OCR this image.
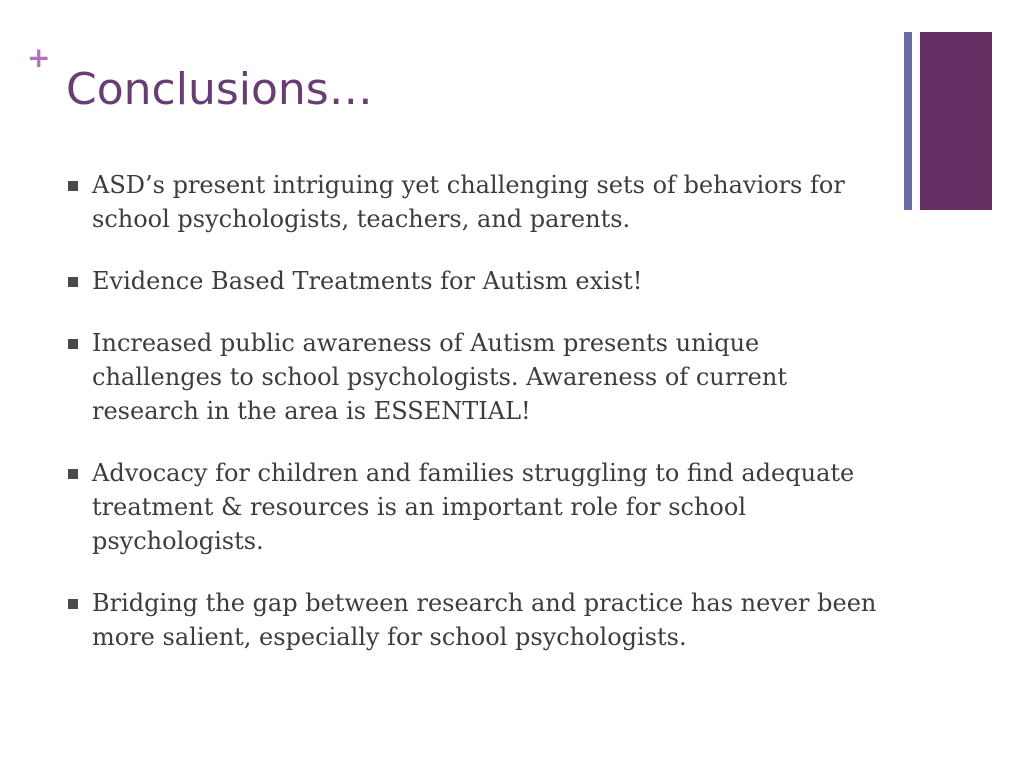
+
Conclusions…
ASD’s present intriguing yet challenging sets of behaviors for school psychologists, teachers, and parents.
Evidence Based Treatments for Autism exist!
Increased public awareness of Autism presents unique challenges to school psychologists. Awareness of current research in the area is ESSENTIAL!
Advocacy for children and families struggling to find adequate treatment & resources is an important role for school psychologists.
Bridging the gap between research and practice has never been more salient, especially for school psychologists.
